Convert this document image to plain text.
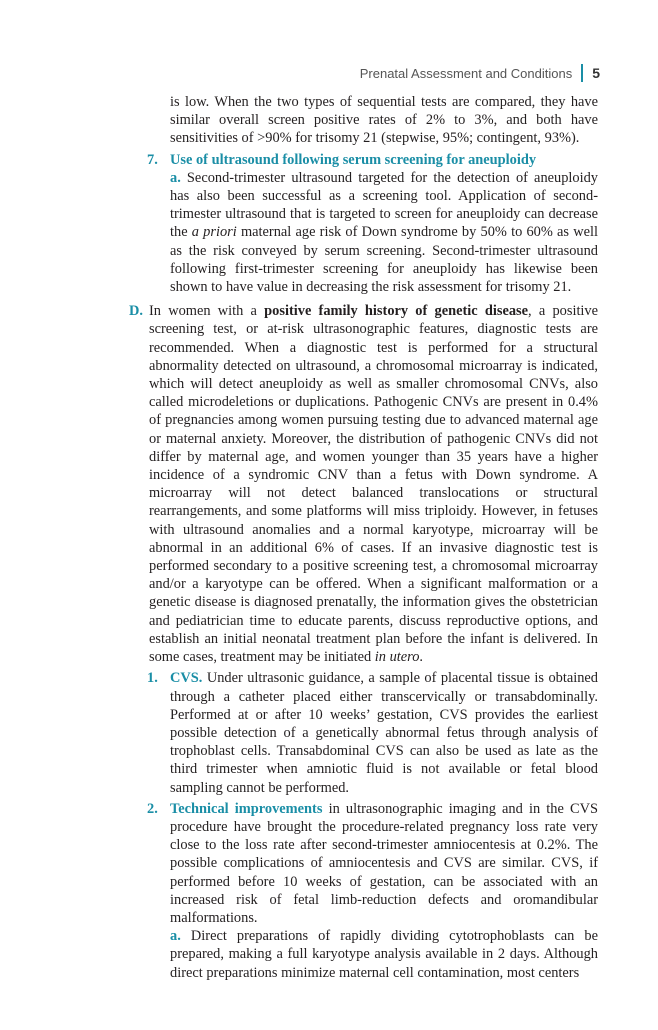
Prenatal Assessment and Conditions 5

is low. When the two types of sequential tests are compared, they have similar overall screen positive rates of 2% to 3%, and both have sensitivities of >90% for trisomy 21 (stepwise, 95%; contingent, 93%).

7. Use of ultrasound following serum screening for aneuploidy
a. Second-trimester ultrasound targeted for the detection of aneuploidy has also been successful as a screening tool. Application of second-trimester ultrasound that is targeted to screen for aneuploidy can decrease the a priori maternal age risk of Down syndrome by 50% to 60% as well as the risk conveyed by serum screening. Second-trimester ultrasound following first-trimester screening for aneuploidy has likewise been shown to have value in decreasing the risk assessment for trisomy 21.

D. In women with a positive family history of genetic disease, a positive screening test, or at-risk ultrasonographic features, diagnostic tests are recommended. When a diagnostic test is performed for a structural abnormality detected on ultrasound, a chromosomal microarray is indicated, which will detect aneuploidy as well as smaller chromosomal CNVs, also called microdeletions or duplications. Pathogenic CNVs are present in 0.4% of pregnancies among women pursuing testing due to advanced maternal age or maternal anxiety. Moreover, the distribution of pathogenic CNVs did not differ by maternal age, and women younger than 35 years have a higher incidence of a syndromic CNV than a fetus with Down syndrome. A microarray will not detect balanced translocations or structural rearrangements, and some platforms will miss triploidy. However, in fetuses with ultrasound anomalies and a normal karyotype, microarray will be abnormal in an additional 6% of cases. If an invasive diagnostic test is performed secondary to a positive screening test, a chromosomal microarray and/or a karyotype can be offered. When a significant malformation or a genetic disease is diagnosed prenatally, the information gives the obstetrician and pediatrician time to educate parents, discuss reproductive options, and establish an initial neonatal treatment plan before the infant is delivered. In some cases, treatment may be initiated in utero.

1. CVS. Under ultrasonic guidance, a sample of placental tissue is obtained through a catheter placed either transcervically or transabdominally. Performed at or after 10 weeks’ gestation, CVS provides the earliest possible detection of a genetically abnormal fetus through analysis of trophoblast cells. Transabdominal CVS can also be used as late as the third trimester when amniotic fluid is not available or fetal blood sampling cannot be performed.

2. Technical improvements in ultrasonographic imaging and in the CVS procedure have brought the procedure-related pregnancy loss rate very close to the loss rate after second-trimester amniocentesis at 0.2%. The possible complications of amniocentesis and CVS are similar. CVS, if performed before 10 weeks of gestation, can be associated with an increased risk of fetal limb-reduction defects and oromandibular malformations.

a. Direct preparations of rapidly dividing cytotrophoblasts can be prepared, making a full karyotype analysis available in 2 days. Although direct preparations minimize maternal cell contamination, most centers
